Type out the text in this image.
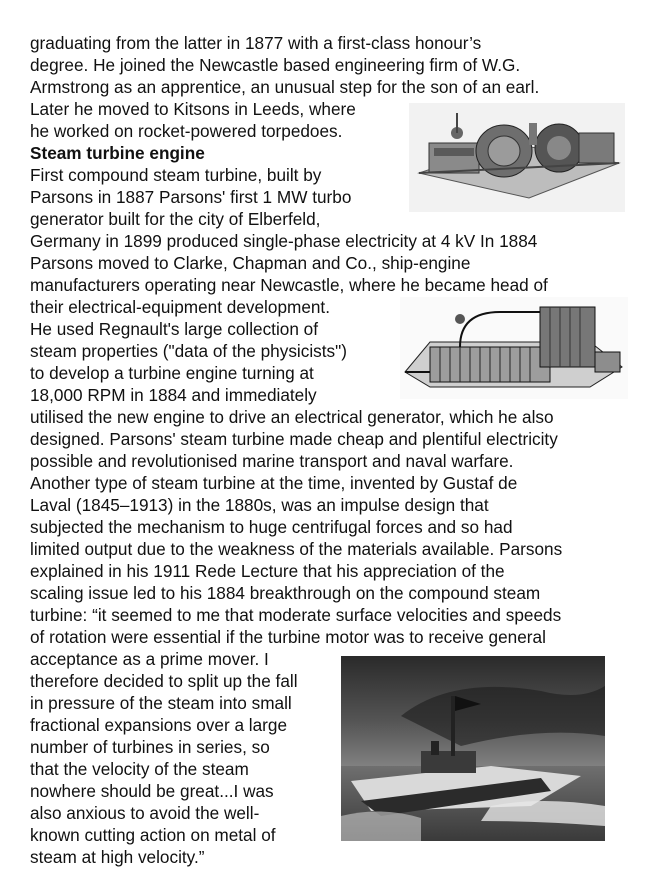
graduating from the latter in 1877 with a first-class honour’s
degree. He joined the Newcastle based engineering firm of W.G.
Armstrong as an apprentice, an unusual step for the son of an earl.
Later he moved to Kitsons in Leeds, where
he worked on rocket-powered torpedoes.
Steam turbine engine
First compound steam turbine, built by
Parsons in 1887 Parsons' first 1 MW turbo
generator built for the city of Elberfeld,
Germany in 1899 produced single-phase electricity at 4 kV In 1884
Parsons moved to Clarke, Chapman and Co., ship-engine
manufacturers operating near Newcastle, where he became head of
their electrical-equipment development.
He used Regnault's large collection of
steam properties ("data of the physicists")
to develop a turbine engine turning at
18,000 RPM in 1884 and immediately
utilised the new engine to drive an electrical generator, which he also
designed. Parsons' steam turbine made cheap and plentiful electricity
possible and revolutionised marine transport and naval warfare.
Another type of steam turbine at the time, invented by Gustaf de
Laval (1845–1913) in the 1880s, was an impulse design that
subjected the mechanism to huge centrifugal forces and so had
limited output due to the weakness of the materials available. Parsons
explained in his 1911 Rede Lecture that his appreciation of the
scaling issue led to his 1884 breakthrough on the compound steam
turbine: “it seemed to me that moderate surface velocities and speeds
of rotation were essential if the turbine motor was to receive general
acceptance as a prime mover. I
therefore decided to split up the fall
in pressure of the steam into small
fractional expansions over a large
number of turbines in series, so
that the velocity of the steam
nowhere should be great...I was
also anxious to avoid the well-
known cutting action on metal of
steam at high velocity.”
